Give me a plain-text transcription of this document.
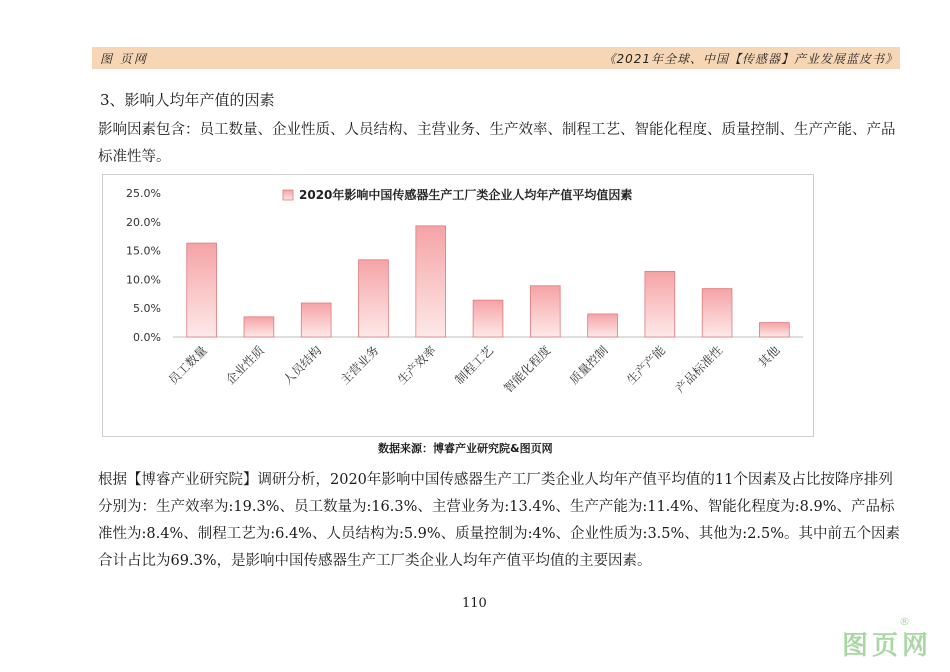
图 页网	《2021年全球、中国【传感器】产业发展蓝皮书》
3、影响人均年产值的因素
影响因素包含：员工数量、企业性质、人员结构、主营业务、生产效率、制程工艺、智能化程度、质量控制、生产产能、产品标准性等。
0.0%
5.0%
10.0%
15.0%
20.0%
25.0%
员工数量 企业性质 人员结构 主营业务 生产效率 制程工艺 智能化程度 质量控制 生产产能 产品标准性	其他
2020年影响中国传感器生产工厂类企业人均年产值平均值因素
数据来源：博睿产业研究院&图页网
根据【博睿产业研究院】调研分析，2020年影响中国传感器生产工厂类企业人均年产值平均值的11个因素及占比按降序排列分别为：生产效率为:19.3%、员工数量为:16.3%、主营业务为:13.4%、生产产能为:11.4%、智能化程度为:8.9%、产品标准性为:8.4%、制程工艺为:6.4%、人员结构为:5.9%、质量控制为:4%、企业性质为:3.5%、其他为:2.5%。其中前五个因素合计占比为69.3%，是影响中国传感器生产工厂类企业人均年产值平均值的主要因素。
110
®
图页网
